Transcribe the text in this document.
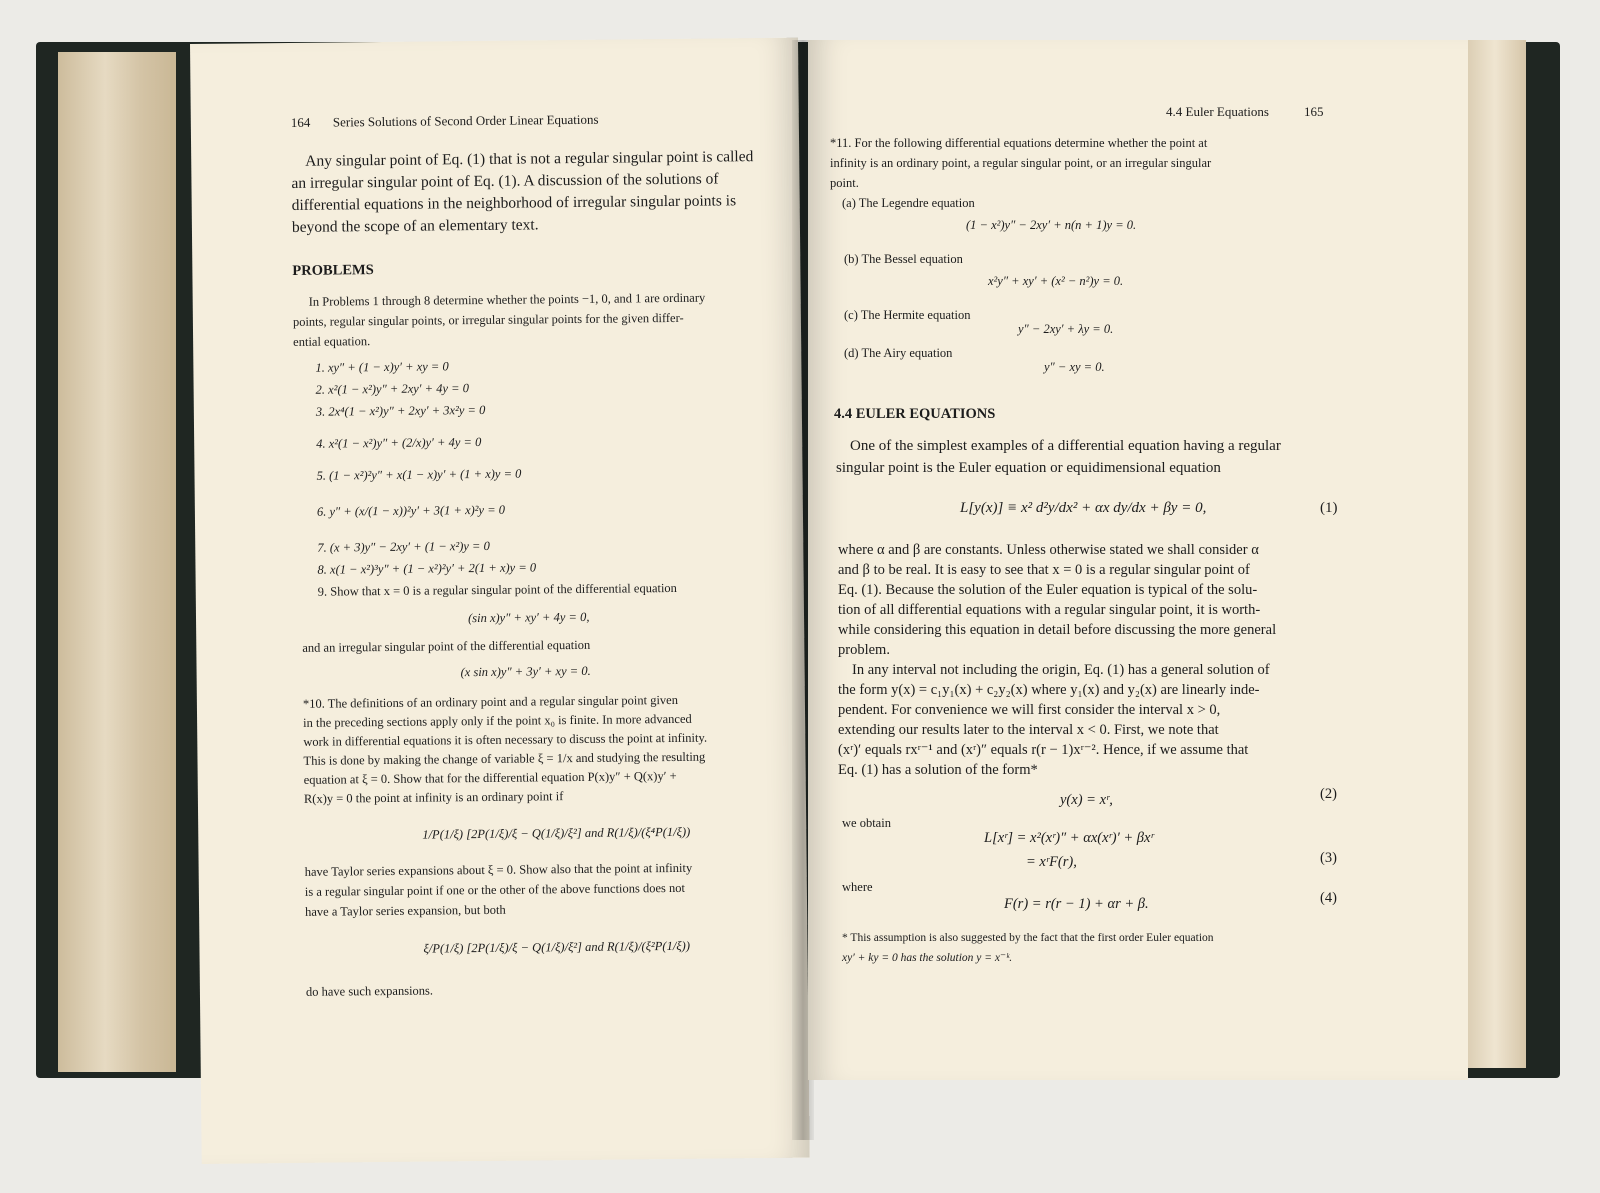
164 Series Solutions of Second Order Linear Equations
Any singular point of Eq. (1) that is not a regular singular point is called
an irregular singular point of Eq. (1). A discussion of the solutions of
differential equations in the neighborhood of irregular singular points is
beyond the scope of an elementary text.
PROBLEMS
In Problems 1 through 8 determine whether the points −1, 0, and 1 are ordinary
points, regular singular points, or irregular singular points for the given differ-
ential equation.
1. xy″ + (1 − x)y′ + xy = 0
2. x²(1 − x²)y″ + 2xy′ + 4y = 0
3. 2x⁴(1 − x²)y″ + 2xy′ + 3x²y = 0
4. x²(1 − x²)y″ + (2/x)y′ + 4y = 0
5. (1 − x²)²y″ + x(1 − x)y′ + (1 + x)y = 0
6. y″ + (x/(1 − x))²y′ + 3(1 + x)²y = 0
7. (x + 3)y″ − 2xy′ + (1 − x²)y = 0
8. x(1 − x²)³y″ + (1 − x²)²y′ + 2(1 + x)y = 0
9. Show that x = 0 is a regular singular point of the differential equation
(sin x)y″ + xy′ + 4y = 0,
and an irregular singular point of the differential equation
(x sin x)y″ + 3y′ + xy = 0.
*10. The definitions of an ordinary point and a regular singular point given
in the preceding sections apply only if the point x₀ is finite. In more advanced
work in differential equations it is often necessary to discuss the point at infinity.
This is done by making the change of variable ξ = 1/x and studying the resulting
equation at ξ = 0. Show that for the differential equation P(x)y″ + Q(x)y′ +
R(x)y = 0 the point at infinity is an ordinary point if
1/P(1/ξ) [2P(1/ξ)/ξ − Q(1/ξ)/ξ²] and R(1/ξ)/(ξ⁴P(1/ξ))
have Taylor series expansions about ξ = 0. Show also that the point at infinity
is a regular singular point if one or the other of the above functions does not
have a Taylor series expansion, but both
ξ/P(1/ξ) [2P(1/ξ)/ξ − Q(1/ξ)/ξ²] and R(1/ξ)/(ξ²P(1/ξ))
do have such expansions.
4.4 Euler Equations	165
*11. For the following differential equations determine whether the point at
infinity is an ordinary point, a regular singular point, or an irregular singular
point.
(a) The Legendre equation
(1 − x²)y″ − 2xy′ + n(n + 1)y = 0.
(b) The Bessel equation
x²y″ + xy′ + (x² − n²)y = 0.
(c) The Hermite equation
y″ − 2xy′ + λy = 0.
(d) The Airy equation
y″ − xy = 0.
4.4 EULER EQUATIONS
One of the simplest examples of a differential equation having a regular
singular point is the Euler equation or equidimensional equation
L[y(x)] ≡ x² d²y/dx² + αx dy/dx + βy = 0,	(1)
where α and β are constants. Unless otherwise stated we shall consider α
and β to be real. It is easy to see that x = 0 is a regular singular point of
Eq. (1). Because the solution of the Euler equation is typical of the solu-
tion of all differential equations with a regular singular point, it is worth-
while considering this equation in detail before discussing the more general
problem.
In any interval not including the origin, Eq. (1) has a general solution of
the form y(x) = c₁y₁(x) + c₂y₂(x) where y₁(x) and y₂(x) are linearly inde-
pendent. For convenience we will first consider the interval x > 0,
extending our results later to the interval x < 0. First, we note that
(xʳ)′ equals rxʳ⁻¹ and (xʳ)″ equals r(r − 1)xʳ⁻². Hence, if we assume that
Eq. (1) has a solution of the form*
y(x) = xʳ,	(2)
we obtain
L[xʳ] = x²(xʳ)″ + αx(xʳ)′ + βxʳ
= xʳF(r),	(3)
where
F(r) = r(r − 1) + αr + β.	(4)
* This assumption is also suggested by the fact that the first order Euler equation
xy′ + ky = 0 has the solution y = x⁻ᵏ.
